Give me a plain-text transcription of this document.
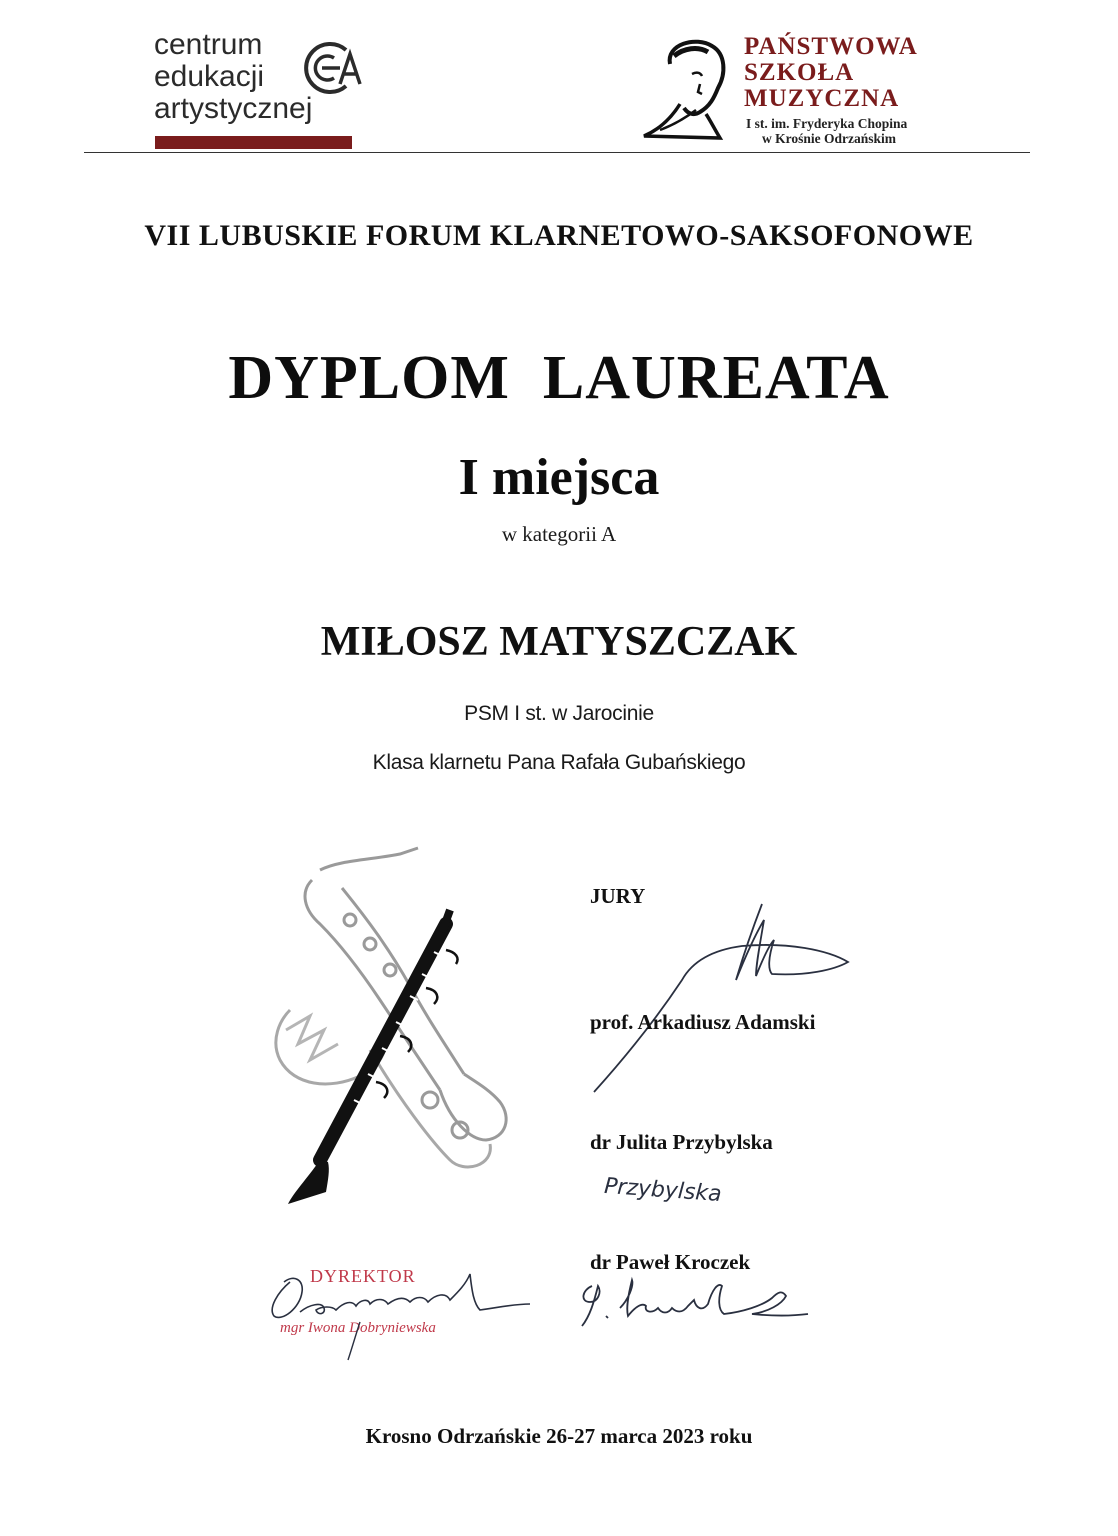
centrum
edukacji
artystycznej
PAŃSTWOWA
SZKOŁA
MUZYCZNA
I st. im. Fryderyka Chopina
w Krośnie Odrzańskim
VII LUBUSKIE FORUM KLARNETOWO-SAKSOFONOWE
DYPLOM  LAUREATA
I miejsca
w kategorii A
MIŁOSZ MATYSZCZAK
PSM I st. w Jarocinie
Klasa klarnetu Pana Rafała Gubańskiego
JURY
prof. Arkadiusz Adamski
dr Julita Przybylska
Przybylska
dr Paweł Kroczek
DYREKTOR
mgr Iwona Dobryniewska
Krosno Odrzańskie 26-27 marca 2023 roku
